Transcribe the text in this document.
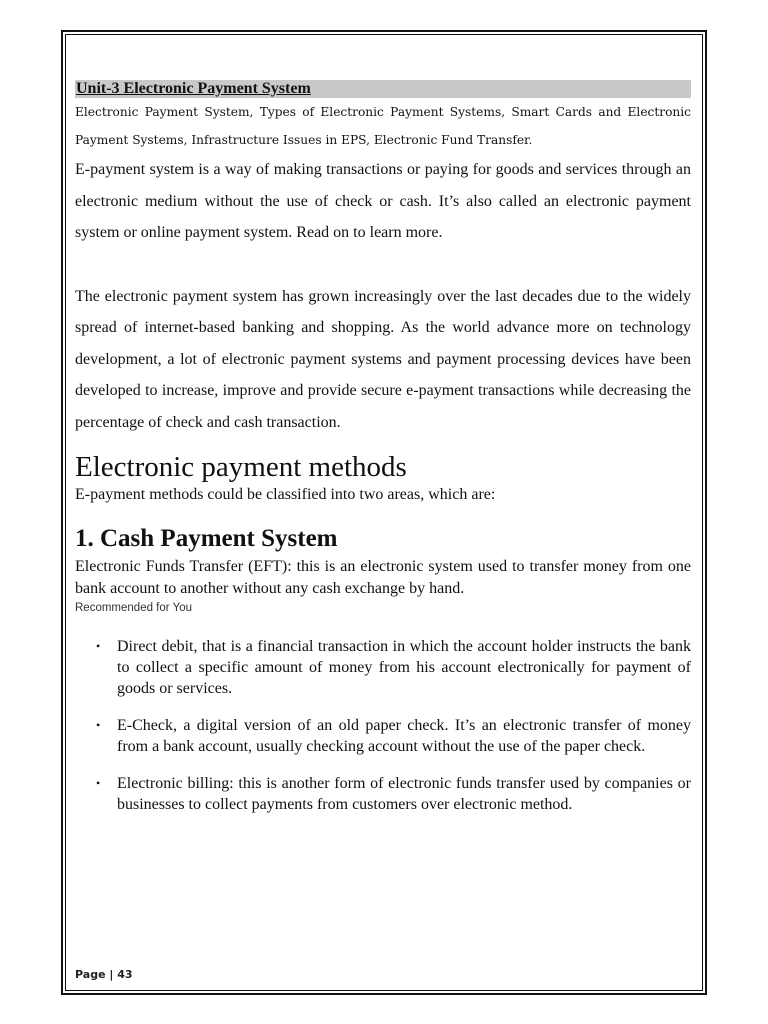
Unit-3 Electronic Payment System

Electronic Payment System, Types of Electronic Payment Systems, Smart Cards and Electronic Payment Systems, Infrastructure Issues in EPS, Electronic Fund Transfer.

E-payment system is a way of making transactions or paying for goods and services through an electronic medium without the use of check or cash. It’s also called an electronic payment system or online payment system. Read on to learn more.

The electronic payment system has grown increasingly over the last decades due to the widely spread of internet-based banking and shopping. As the world advance more on technology development, a lot of electronic payment systems and payment processing devices have been developed to increase, improve and provide secure e-payment transactions while decreasing the percentage of check and cash transaction.

Electronic payment methods

E-payment methods could be classified into two areas, which are:

1. Cash Payment System

Electronic Funds Transfer (EFT): this is an electronic system used to transfer money from one bank account to another without any cash exchange by hand.

Recommended for You

• Direct debit, that is a financial transaction in which the account holder instructs the bank to collect a specific amount of money from his account electronically for payment of goods or services.
• E-Check, a digital version of an old paper check. It’s an electronic transfer of money from a bank account, usually checking account without the use of the paper check.
• Electronic billing: this is another form of electronic funds transfer used by companies or businesses to collect payments from customers over electronic method.
Page | 43
